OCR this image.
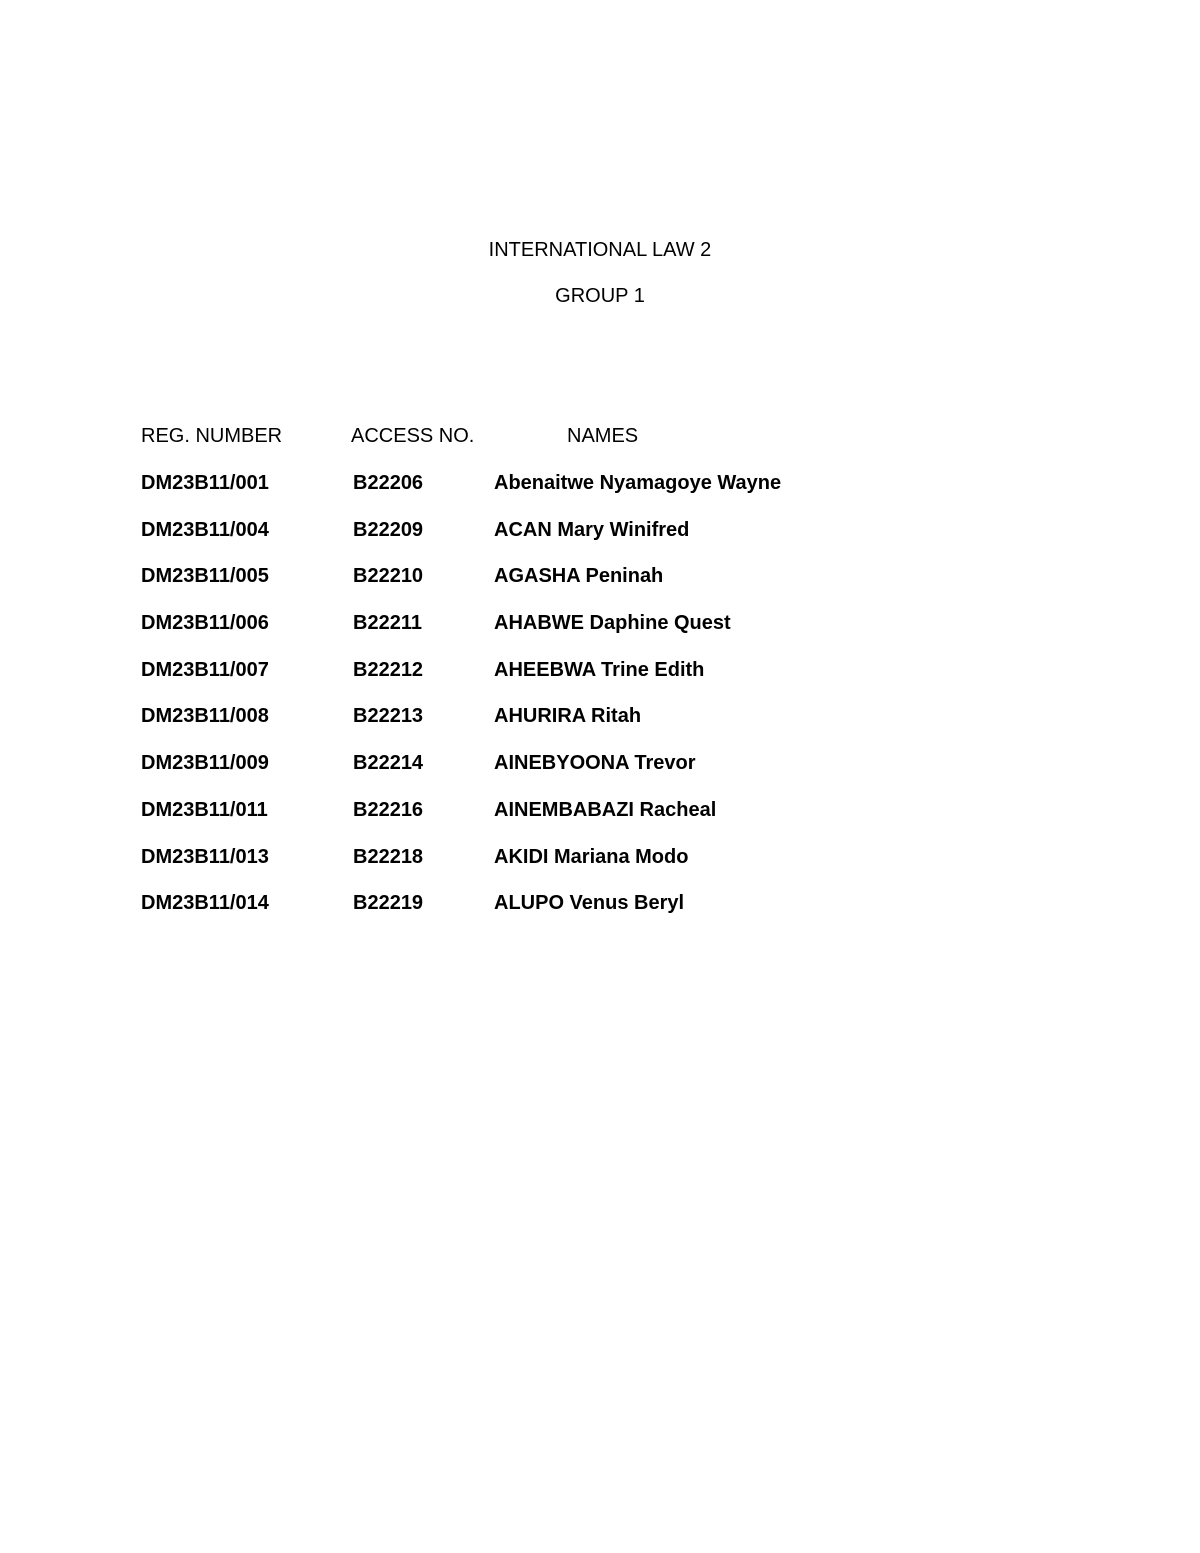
INTERNATIONAL LAW 2
GROUP 1
REG. NUMBER	ACCESS NO.	NAMES
DM23B11/001	B22206	Abenaitwe Nyamagoye Wayne
DM23B11/004	B22209	ACAN Mary Winifred
DM23B11/005	B22210	AGASHA Peninah
DM23B11/006	B22211	AHABWE Daphine Quest
DM23B11/007	B22212	AHEEBWA Trine Edith
DM23B11/008	B22213	AHURIRA Ritah
DM23B11/009	B22214	AINEBYOONA Trevor
DM23B11/011	B22216	AINEMBABAZI Racheal
DM23B11/013	B22218	AKIDI Mariana Modo
DM23B11/014	B22219	ALUPO Venus Beryl
